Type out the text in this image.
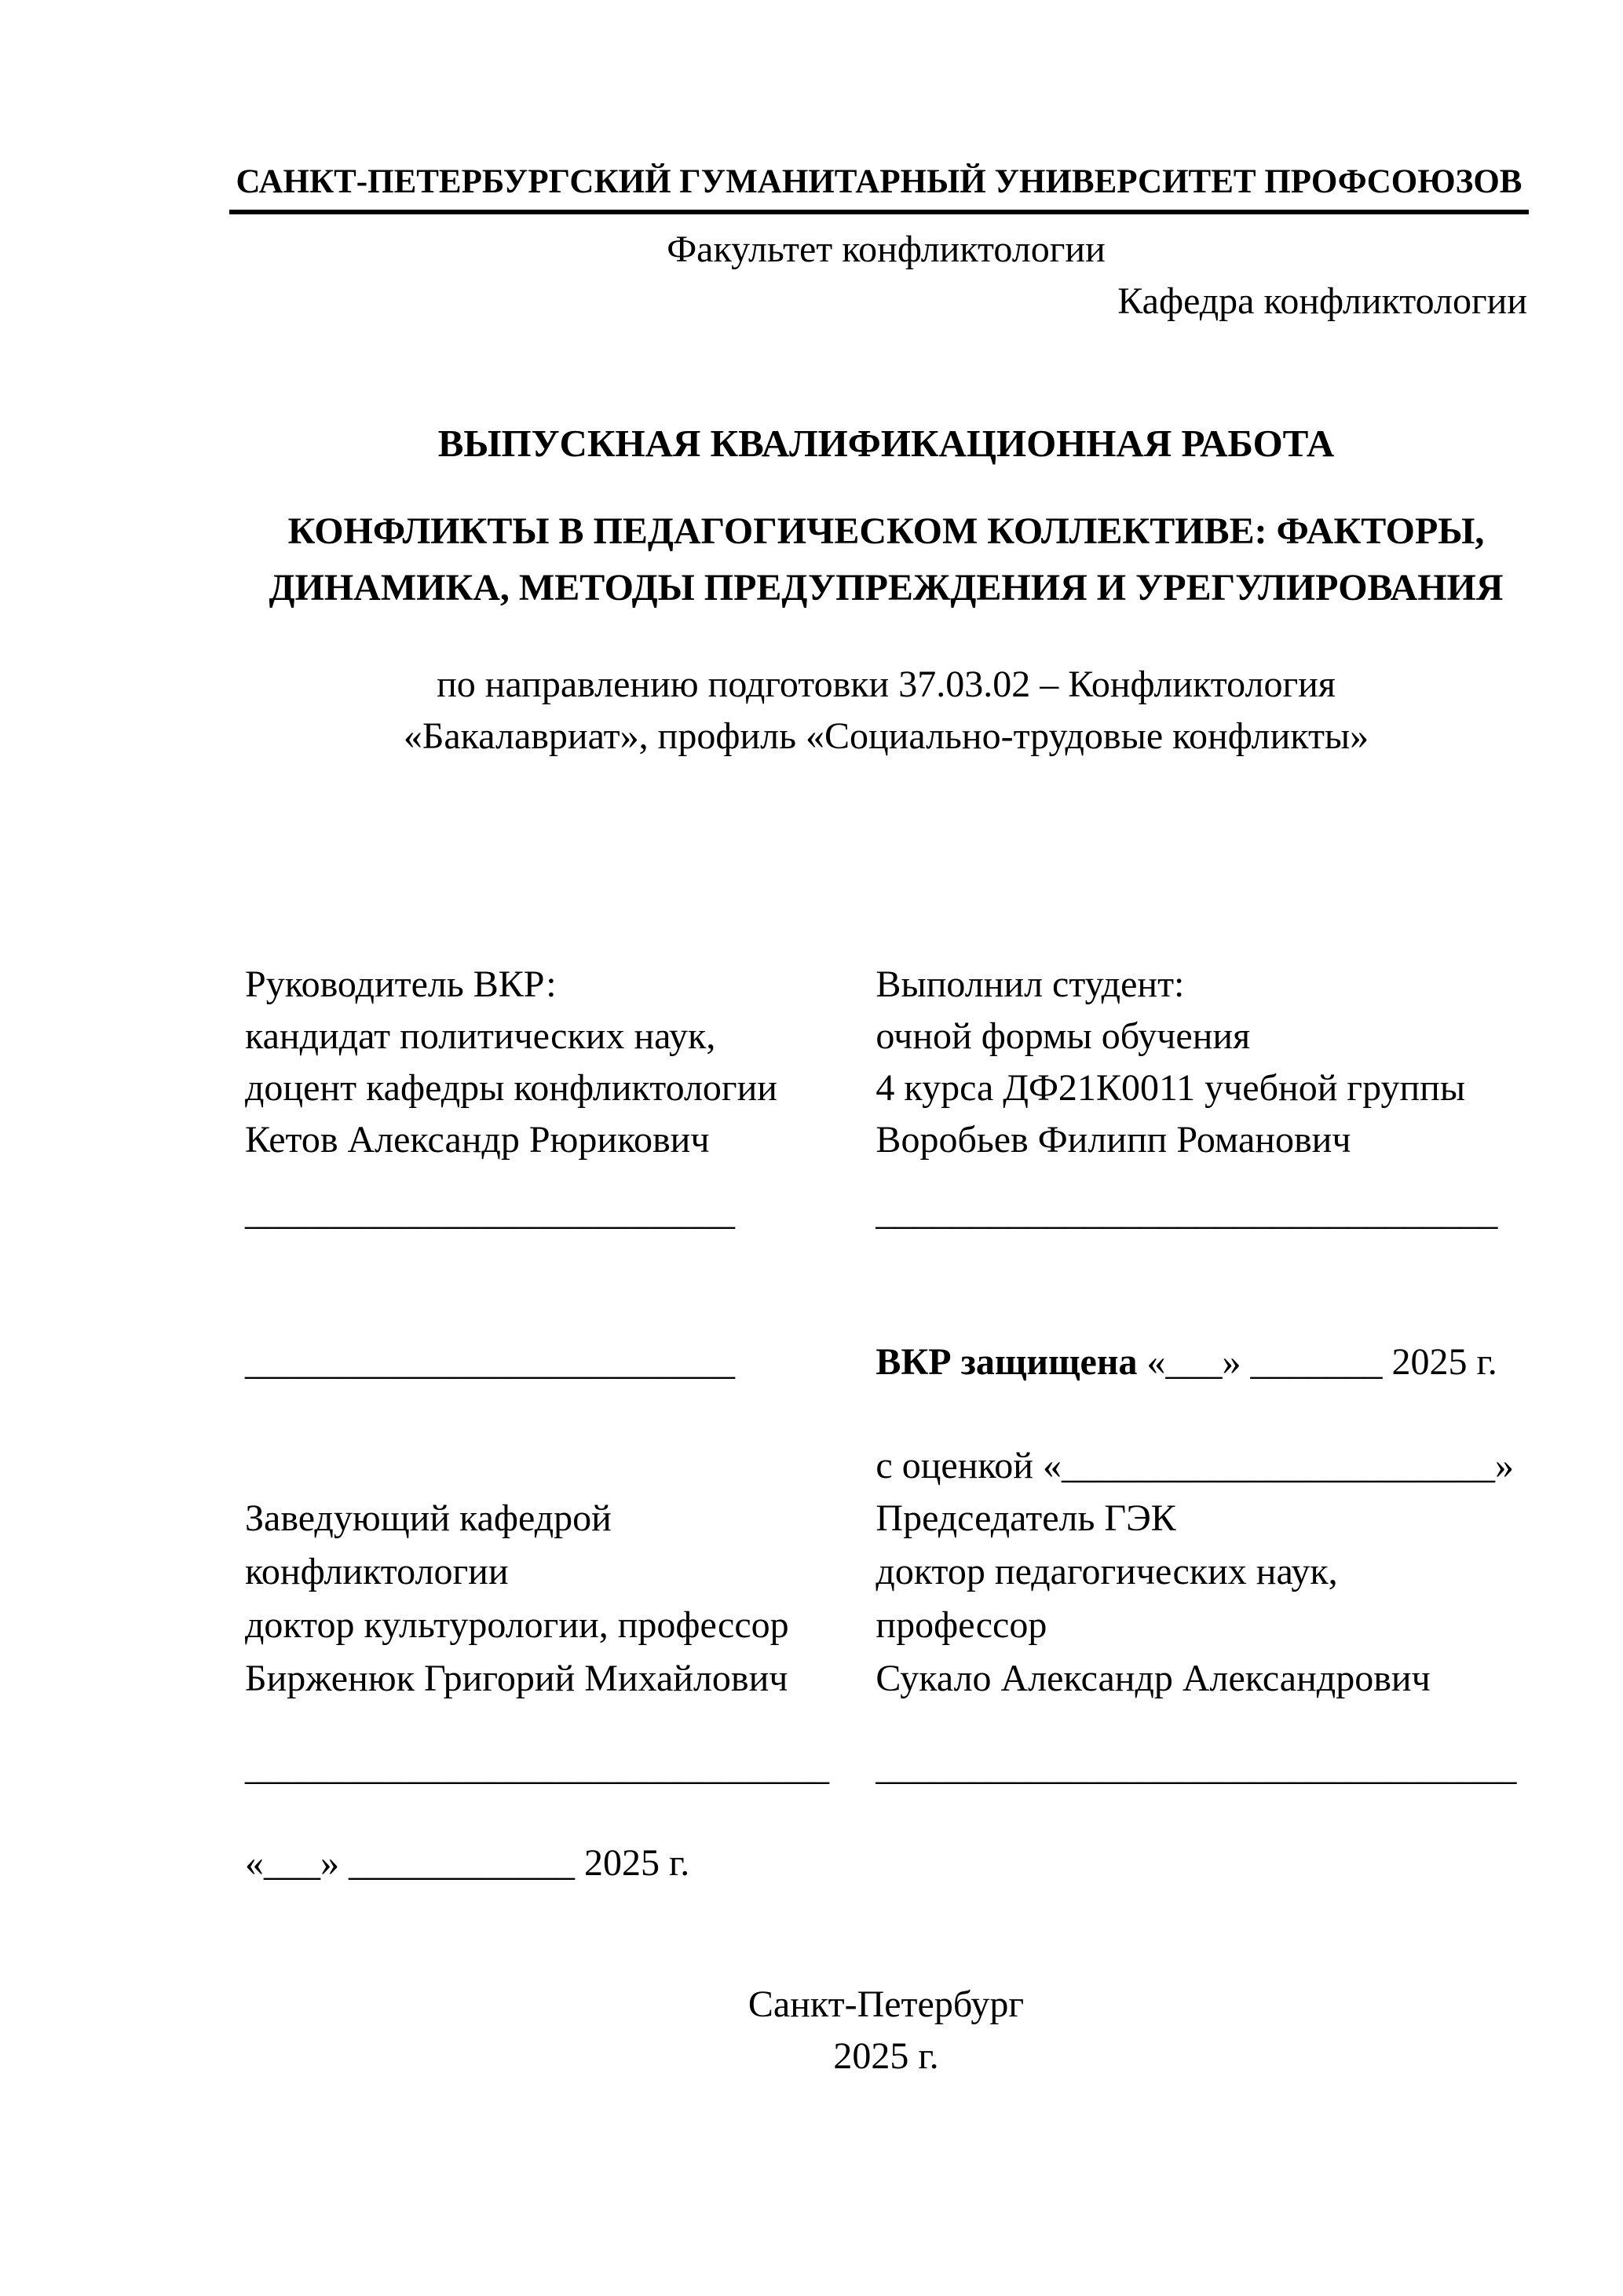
САНКТ-ПЕТЕРБУРГСКИЙ ГУМАНИТАРНЫЙ УНИВЕРСИТЕТ ПРОФСОЮЗОВ
Факультет конфликтологии
Кафедра конфликтологии
ВЫПУСКНАЯ КВАЛИФИКАЦИОННАЯ РАБОТА
КОНФЛИКТЫ В ПЕДАГОГИЧЕСКОМ КОЛЛЕКТИВЕ: ФАКТОРЫ,
ДИНАМИКА, МЕТОДЫ ПРЕДУПРЕЖДЕНИЯ И УРЕГУЛИРОВАНИЯ
по направлению подготовки 37.03.02 – Конфликтология
«Бакалавриат», профиль «Социально-трудовые конфликты»
Руководитель ВКР:
кандидат политических наук,
доцент кафедры конфликтологии
Кетов Александр Рюрикович
Выполнил студент:
очной формы обучения
4 курса ДФ21К0011 учебной группы
Воробьев Филипп Романович
__________________________	_________________________________
__________________________	ВКР защищена «___» _______ 2025 г.
с оценкой «_______________________»
Заведующий кафедрой
конфликтологии
доктор культурологии, профессор
Бирженюк Григорий Михайлович
Председатель ГЭК
доктор педагогических наук,
профессор
Сукало Александр Александрович
_______________________________	__________________________________
«___» ____________ 2025 г.
Санкт-Петербург
2025 г.
